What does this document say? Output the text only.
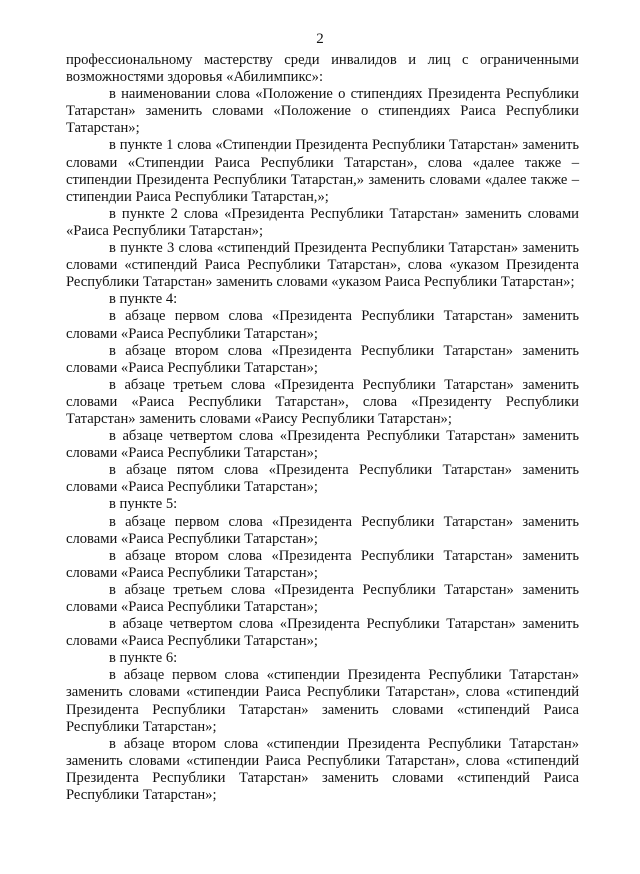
2

профессиональному мастерству среди инвалидов и лиц с ограниченными возможностями здоровья «Абилимпикс»:

в наименовании слова «Положение о стипендиях Президента Республики Татарстан» заменить словами «Положение о стипендиях Раиса Республики Татарстан»;

в пункте 1 слова «Стипендии Президента Республики Татарстан» заменить словами «Стипендии Раиса Республики Татарстан», слова «далее также – стипендии Президента Республики Татарстан,» заменить словами «далее также – стипендии Раиса Республики Татарстан,»;

в пункте 2 слова «Президента Республики Татарстан» заменить словами «Раиса Республики Татарстан»;

в пункте 3 слова «стипендий Президента Республики Татарстан» заменить словами «стипендий Раиса Республики Татарстан», слова «указом Президента Республики Татарстан» заменить словами «указом Раиса Республики Татарстан»;

в пункте 4:

в абзаце первом слова «Президента Республики Татарстан» заменить словами «Раиса Республики Татарстан»;

в абзаце втором слова «Президента Республики Татарстан» заменить словами «Раиса Республики Татарстан»;

в абзаце третьем слова «Президента Республики Татарстан» заменить словами «Раиса Республики Татарстан», слова «Президенту Республики Татарстан» заменить словами «Раису Республики Татарстан»;

в абзаце четвертом слова «Президента Республики Татарстан» заменить словами «Раиса Республики Татарстан»;

в абзаце пятом слова «Президента Республики Татарстан» заменить словами «Раиса Республики Татарстан»;

в пункте 5:

в абзаце первом слова «Президента Республики Татарстан» заменить словами «Раиса Республики Татарстан»;

в абзаце втором слова «Президента Республики Татарстан» заменить словами «Раиса Республики Татарстан»;

в абзаце третьем слова «Президента Республики Татарстан» заменить словами «Раиса Республики Татарстан»;

в абзаце четвертом слова «Президента Республики Татарстан» заменить словами «Раиса Республики Татарстан»;

в пункте 6:

в абзаце первом слова «стипендии Президента Республики Татарстан» заменить словами «стипендии Раиса Республики Татарстан», слова «стипендий Президента Республики Татарстан» заменить словами «стипендий Раиса Республики Татарстан»;

в абзаце втором слова «стипендии Президента Республики Татарстан» заменить словами «стипендии Раиса Республики Татарстан», слова «стипендий Президента Республики Татарстан» заменить словами «стипендий Раиса Республики Татарстан»;
